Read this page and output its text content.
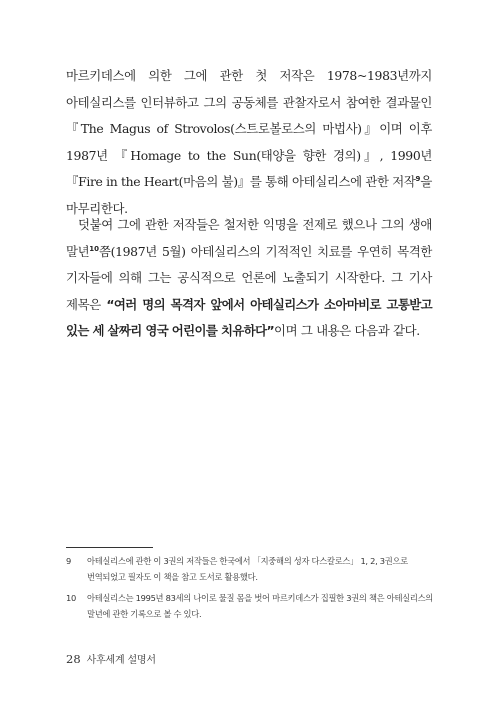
마르키데스에 의한 그에 관한 첫 저작은 1978~1983년까지 아테실리스를 인터뷰하고 그의 공동체를 관찰자로서 참여한 결과물인 『The Magus of Strovolos(스트로볼로스의 마법사)』이며 이후 1987년 『Homage to the Sun(태양을 향한 경의)』, 1990년 『Fire in the Heart(마음의 불)』를 통해 아테실리스에 관한 저작$^9$을 마무리한다.

덧붙여 그에 관한 저작들은 철저한 익명을 전제로 했으나 그의 생애 말년$^{10}$쯤(1987년 5월) 아테실리스의 기적적인 치료를 우연히 목격한 기자들에 의해 그는 공식적으로 언론에 노출되기 시작한다. 그 기사 제목은 “여러 명의 목격자 앞에서 아테실리스가 소아마비로 고통받고 있는 세 살짜리 영국 어린이를 치유하다”이며 그 내용은 다음과 같다.

9	아테실리스에 관한 이 3권의 저작들은 한국에서 「지중해의 성자 다스칼로스」 1, 2, 3권으로 번역되었고 필자도 이 책을 참고 도서로 활용했다.
10	아테실리스는 1995년 83세의 나이로 물질 몸을 벗어 마르키데스가 집필한 3권의 책은 아테실리스의 말년에 관한 기록으로 볼 수 있다.
28 사후세계 설명서
